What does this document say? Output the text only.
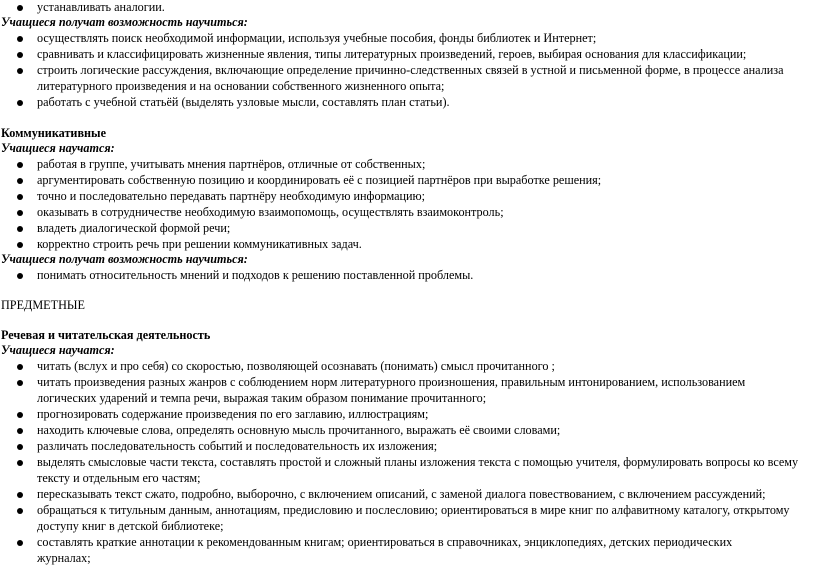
устанавливать аналогии.
Учащиеся получат возможность научиться:
осуществлять поиск необходимой информации, используя учебные пособия, фонды библиотек и Интернет;
сравнивать и классифицировать жизненные явления, типы литературных произведений, героев, выбирая основания для классификации;
строить логические рассуждения, включающие определение причинно-следственных связей в устной и письменной форме, в процессе анализа
литературного произведения и на основании собственного жизненного опыта;
работать с учебной статьёй (выделять узловые мысли, составлять план статьи).
Коммуникативные
Учащиеся научатся:
работая в группе, учитывать мнения партнёров, отличные от собственных;
аргументировать собственную позицию и координировать её с позицией партнёров при выработке решения;
точно и последовательно передавать партнёру необходимую информацию;
оказывать в сотрудничестве необходимую взаимопомощь, осуществлять взаимоконтроль;
владеть диалогической формой речи;
корректно строить речь при решении коммуникативных задач.
Учащиеся получат возможность научиться:
понимать относительность мнений и подходов к решению поставленной проблемы.
ПРЕДМЕТНЫЕ
Речевая и читательская деятельность
Учащиеся научатся:
читать (вслух и про себя) со скоростью, позволяющей осознавать (понимать) смысл прочитанного ;
читать произведения разных жанров с соблюдением норм литературного произношения, правильным интонированием, использованием
логических ударений и темпа речи, выражая таким образом понимание прочитанного;
прогнозировать содержание произведения по его заглавию, иллюстрациям;
находить ключевые слова, определять основную мысль прочитанного, выражать её своими словами;
различать последовательность событий и последовательность их изложения;
выделять смысловые части текста, составлять простой и сложный планы изложения текста с помощью учителя, формулировать вопросы ко всему
тексту и отдельным его частям;
пересказывать текст сжато, подробно, выборочно, с включением описаний, с заменой диалога повествованием, с включением рассуждений;
обращаться к титульным данным, аннотациям, предисловию и послесловию; ориентироваться в мире книг по алфавитному каталогу, открытому
доступу книг в детской библиотеке;
составлять краткие аннотации к рекомендованным книгам; ориентироваться в справочниках, энциклопедиях, детских периодических
журналах;
